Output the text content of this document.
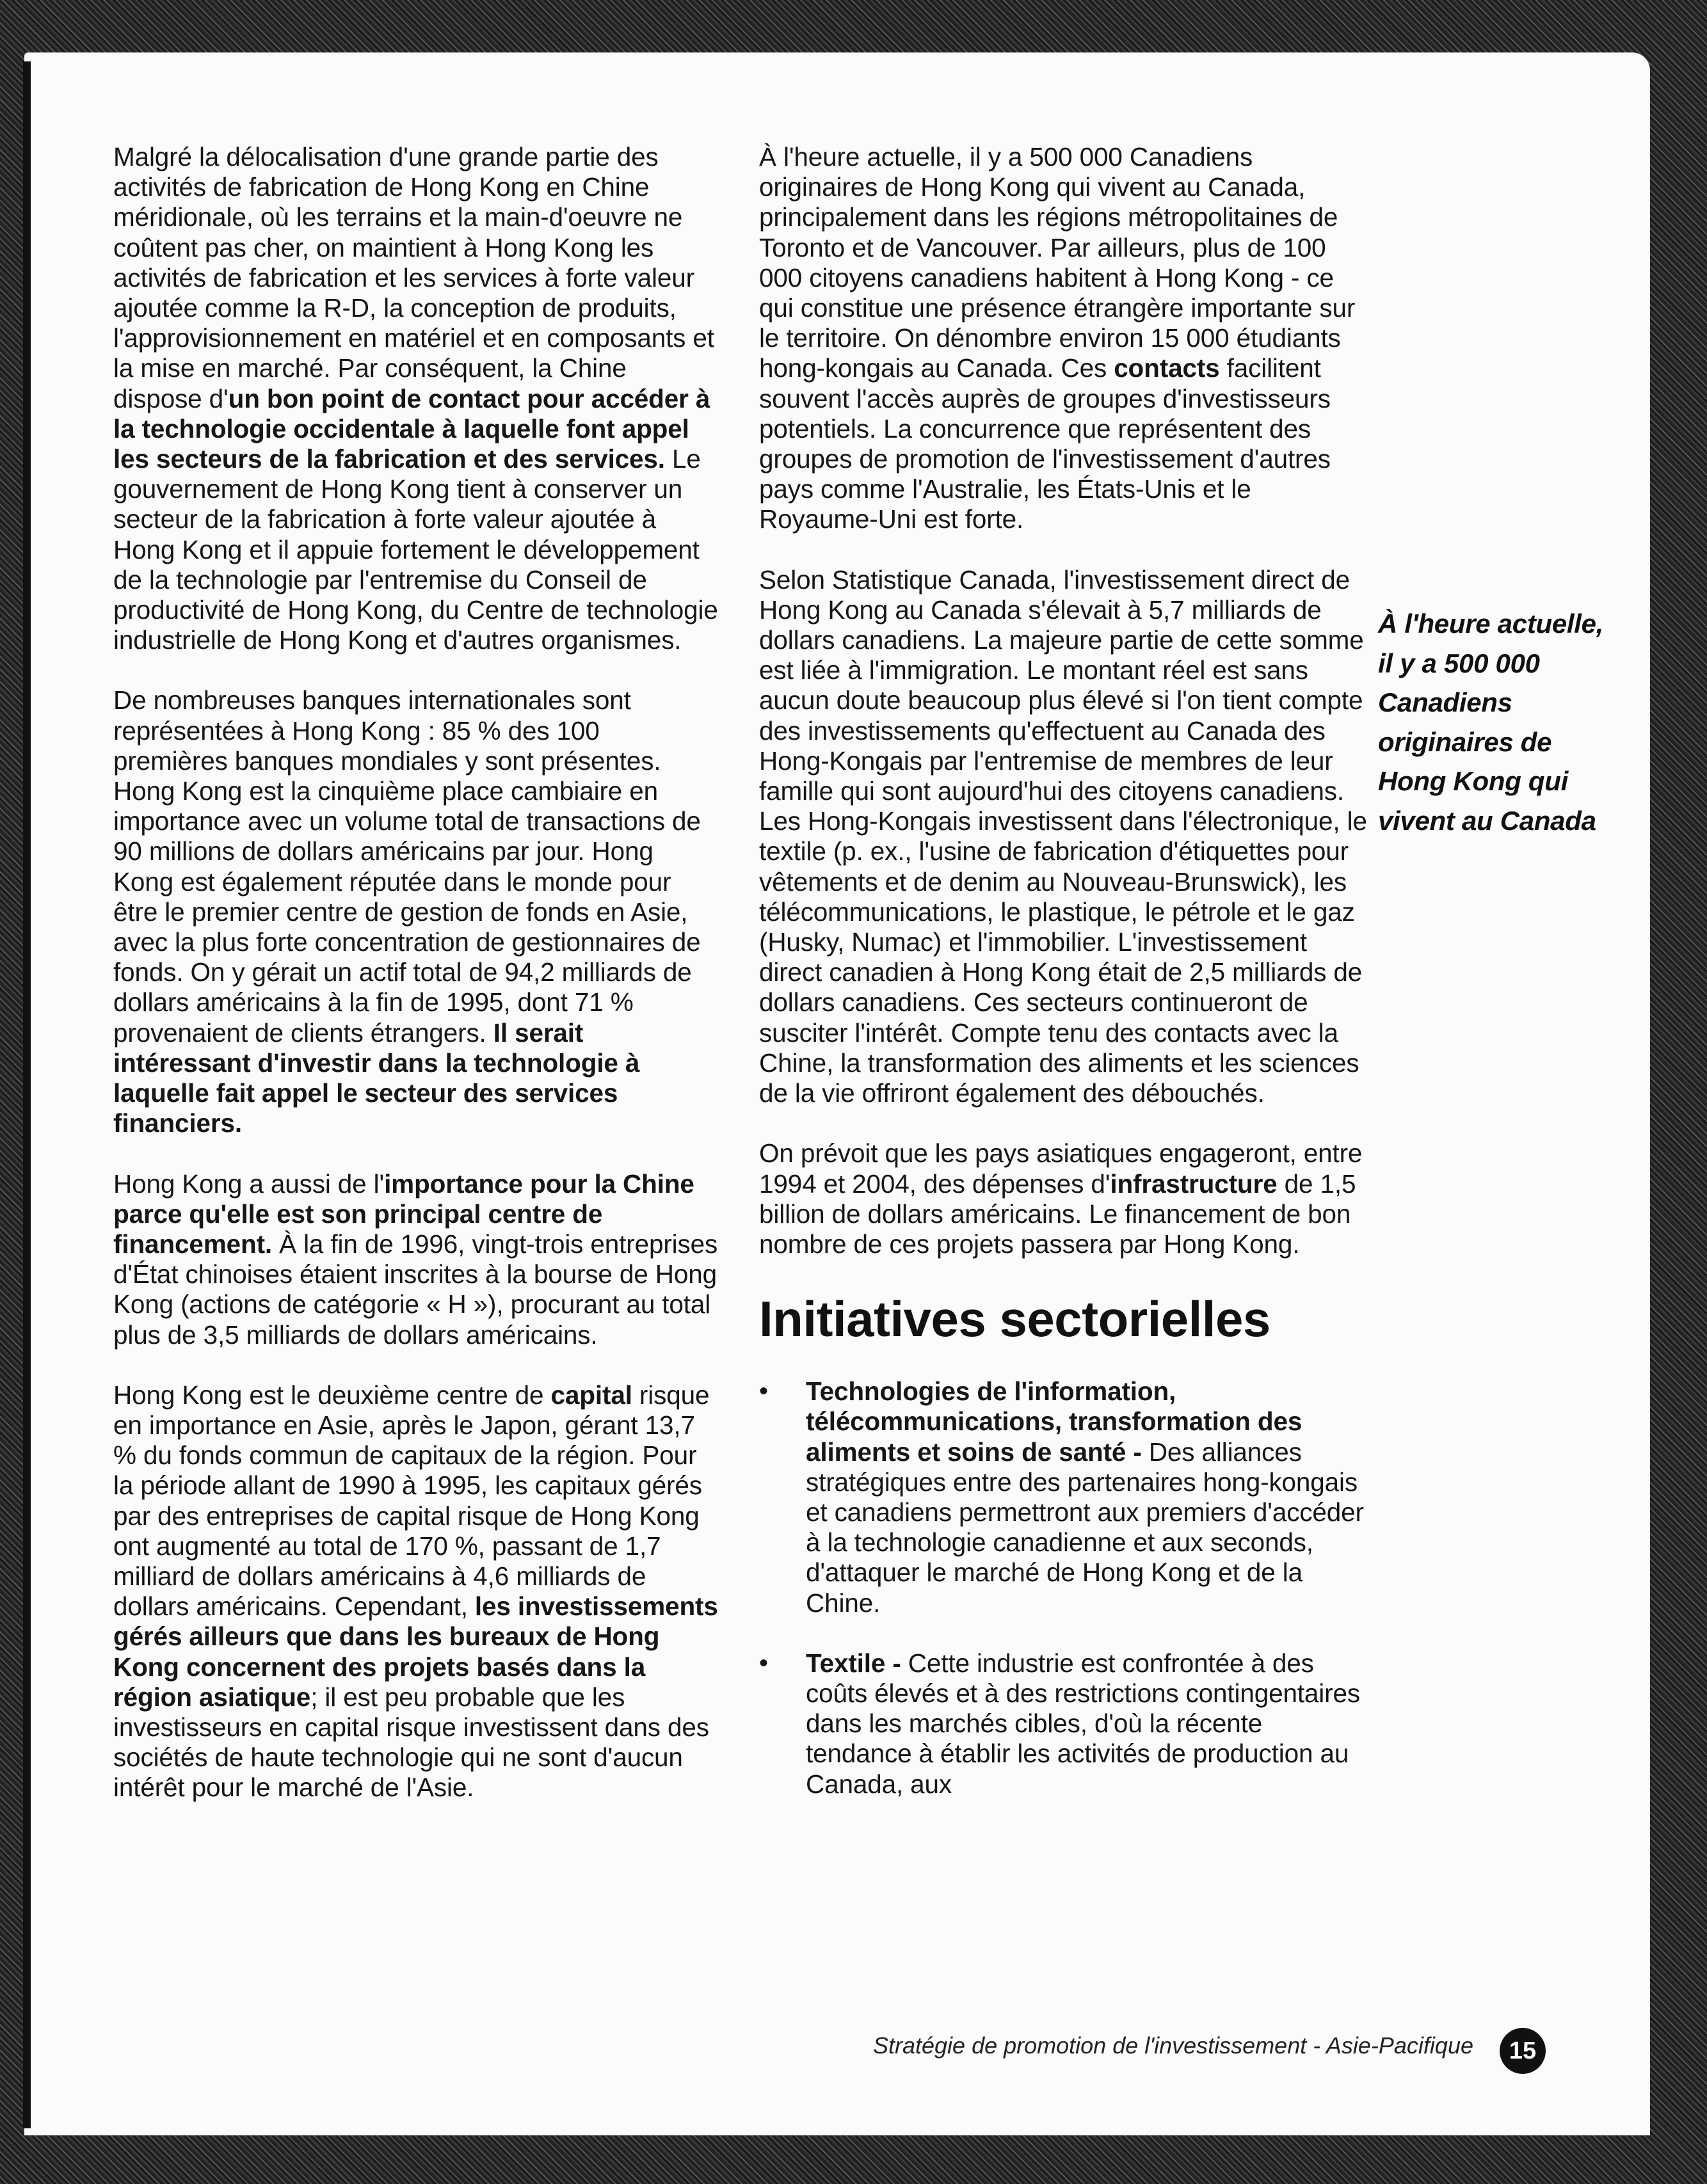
Malgré la délocalisation d'une grande partie des activités de fabrication de Hong Kong en Chine méridionale, où les terrains et la main-d'oeuvre ne coûtent pas cher, on maintient à Hong Kong les activités de fabrication et les services à forte valeur ajoutée comme la R-D, la conception de produits, l'approvisionnement en matériel et en composants et la mise en marché. Par conséquent, la Chine dispose d'un bon point de contact pour accéder à la technologie occidentale à laquelle font appel les secteurs de la fabrication et des services. Le gouvernement de Hong Kong tient à conserver un secteur de la fabrication à forte valeur ajoutée à Hong Kong et il appuie fortement le développement de la technologie par l'entremise du Conseil de productivité de Hong Kong, du Centre de technologie industrielle de Hong Kong et d'autres organismes.

De nombreuses banques internationales sont représentées à Hong Kong : 85 % des 100 premières banques mondiales y sont présentes. Hong Kong est la cinquième place cambiaire en importance avec un volume total de transactions de 90 millions de dollars américains par jour. Hong Kong est également réputée dans le monde pour être le premier centre de gestion de fonds en Asie, avec la plus forte concentration de gestionnaires de fonds. On y gérait un actif total de 94,2 milliards de dollars américains à la fin de 1995, dont 71 % provenaient de clients étrangers. Il serait intéressant d'investir dans la technologie à laquelle fait appel le secteur des services financiers.

Hong Kong a aussi de l'importance pour la Chine parce qu'elle est son principal centre de financement. À la fin de 1996, vingt-trois entreprises d'État chinoises étaient inscrites à la bourse de Hong Kong (actions de catégorie « H »), procurant au total plus de 3,5 milliards de dollars américains.

Hong Kong est le deuxième centre de capital risque en importance en Asie, après le Japon, gérant 13,7 % du fonds commun de capitaux de la région. Pour la période allant de 1990 à 1995, les capitaux gérés par des entreprises de capital risque de Hong Kong ont augmenté au total de 170 %, passant de 1,7 milliard de dollars américains à 4,6 milliards de dollars américains. Cependant, les investissements gérés ailleurs que dans les bureaux de Hong Kong concernent des projets basés dans la région asiatique; il est peu probable que les investisseurs en capital risque investissent dans des sociétés de haute technologie qui ne sont d'aucun intérêt pour le marché de l'Asie.

À l'heure actuelle, il y a 500 000 Canadiens originaires de Hong Kong qui vivent au Canada, principalement dans les régions métropolitaines de Toronto et de Vancouver. Par ailleurs, plus de 100 000 citoyens canadiens habitent à Hong Kong - ce qui constitue une présence étrangère importante sur le territoire. On dénombre environ 15 000 étudiants hong-kongais au Canada. Ces contacts facilitent souvent l'accès auprès de groupes d'investisseurs potentiels. La concurrence que représentent des groupes de promotion de l'investissement d'autres pays comme l'Australie, les États-Unis et le Royaume-Uni est forte.

Selon Statistique Canada, l'investissement direct de Hong Kong au Canada s'élevait à 5,7 milliards de dollars canadiens. La majeure partie de cette somme est liée à l'immigration. Le montant réel est sans aucun doute beaucoup plus élevé si l'on tient compte des investissements qu'effectuent au Canada des Hong-Kongais par l'entremise de membres de leur famille qui sont aujourd'hui des citoyens canadiens. Les Hong-Kongais investissent dans l'électronique, le textile (p. ex., l'usine de fabrication d'étiquettes pour vêtements et de denim au Nouveau-Brunswick), les télécommunications, le plastique, le pétrole et le gaz (Husky, Numac) et l'immobilier. L'investissement direct canadien à Hong Kong était de 2,5 milliards de dollars canadiens. Ces secteurs continueront de susciter l'intérêt. Compte tenu des contacts avec la Chine, la transformation des aliments et les sciences de la vie offriront également des débouchés.

On prévoit que les pays asiatiques engageront, entre 1994 et 2004, des dépenses d'infrastructure de 1,5 billion de dollars américains. Le financement de bon nombre de ces projets passera par Hong Kong.

Initiatives sectorielles
• Technologies de l'information, télécommunications, transformation des aliments et soins de santé - Des alliances stratégiques entre des partenaires hong-kongais et canadiens permettront aux premiers d'accéder à la technologie canadienne et aux seconds, d'attaquer le marché de Hong Kong et de la Chine.
• Textile - Cette industrie est confrontée à des coûts élevés et à des restrictions contingentaires dans les marchés cibles, d'où la récente tendance à établir les activités de production au Canada, aux
À l'heure actuelle, il y a 500 000 Canadiens originaires de Hong Kong qui vivent au Canada
Stratégie de promotion de l'investissement - Asie-Pacifique	15
